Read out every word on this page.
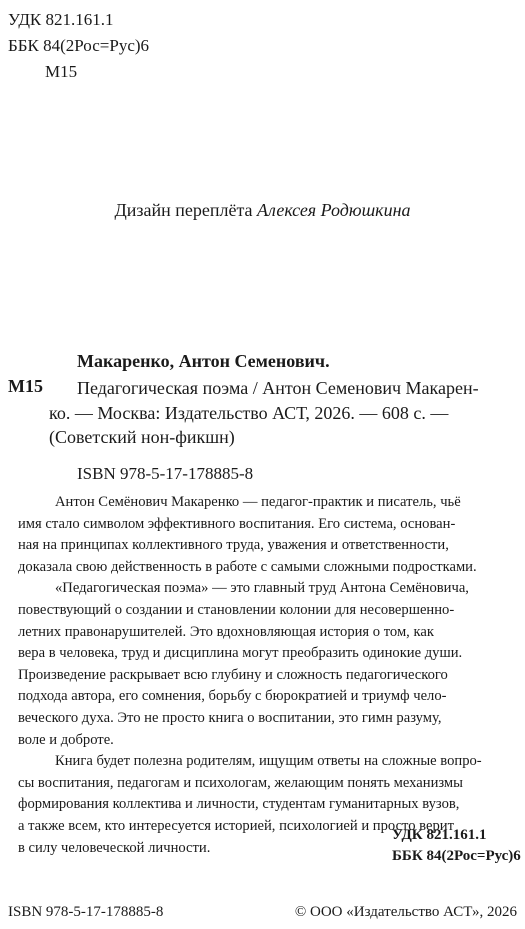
УДК 821.161.1
ББК 84(2Рос=Рус)6
М15
Дизайн переплёта Алексея Родюшкина
Макаренко, Антон Семенович.
М15 Педагогическая поэма / Антон Семенович Макарен-
ко. — Москва: Издательство АСТ, 2026. — 608 с. —
(Советский нон-фикшн)
ISBN 978-5-17-178885-8
Антон Семёнович Макаренко — педагог-практик и писатель, чьё
имя стало символом эффективного воспитания. Его система, основан-
ная на принципах коллективного труда, уважения и ответственности,
доказала свою действенность в работе с самыми сложными подростками.
«Педагогическая поэма» — это главный труд Антона Семёновича,
повествующий о создании и становлении колонии для несовершенно-
летних правонарушителей. Это вдохновляющая история о том, как
вера в человека, труд и дисциплина могут преобразить одинокие души.
Произведение раскрывает всю глубину и сложность педагогического
подхода автора, его сомнения, борьбу с бюрократией и триумф чело-
веческого духа. Это не просто книга о воспитании, это гимн разуму,
воле и доброте.
Книга будет полезна родителям, ищущим ответы на сложные вопро-
сы воспитания, педагогам и психологам, желающим понять механизмы
формирования коллектива и личности, студентам гуманитарных вузов,
а также всем, кто интересуется историей, психологией и просто верит
в силу человеческой личности.
УДК 821.161.1
ББК 84(2Рос=Рус)6
ISBN 978-5-17-178885-8	© ООО «Издательство АСТ», 2026
